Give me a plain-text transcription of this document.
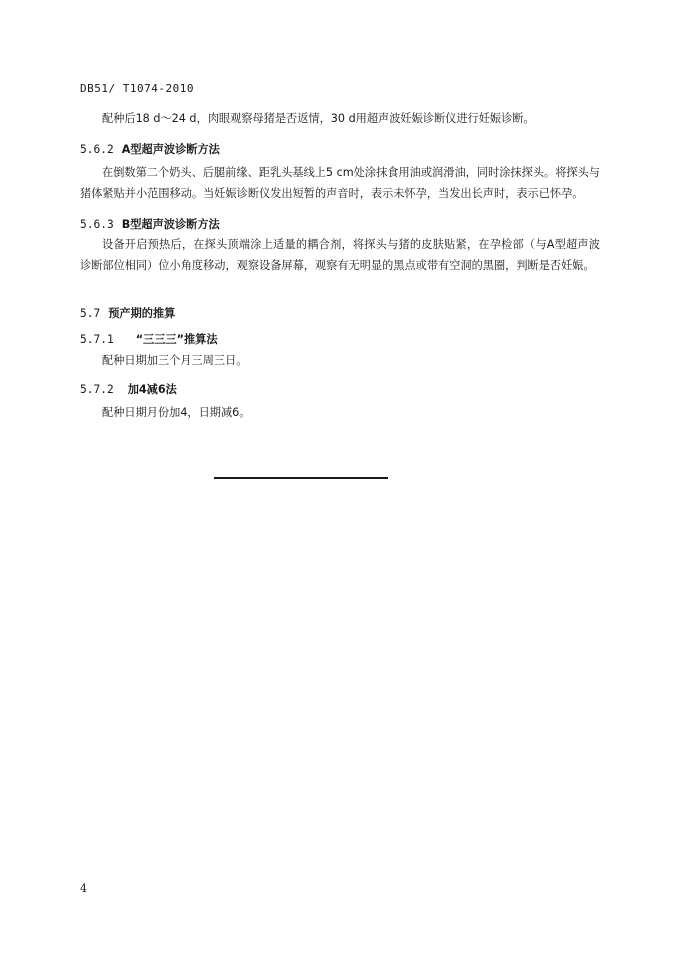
DB51/ T1074-2010

配种后18 d～24 d，肉眼观察母猪是否返情，30 d用超声波妊娠诊断仪进行妊娠诊断。

5.6.2 A型超声波诊断方法

在倒数第二个奶头、后腿前缘、距乳头基线上5 cm处涂抹食用油或润滑油，同时涂抹探头。将探头与猪体紧贴并小范围移动。当妊娠诊断仪发出短暂的声音时，表示未怀孕，当发出长声时，表示已怀孕。

5.6.3 B型超声波诊断方法

设备开启预热后，在探头顶端涂上适量的耦合剂，将探头与猪的皮肤贴紧，在孕检部（与A型超声波诊断部位相同）位小角度移动，观察设备屏幕，观察有无明显的黑点或带有空洞的黑圈，判断是否妊娠。

5.7 预产期的推算
5.7.1 “三三三”推算法

配种日期加三个月三周三日。

5.7.2 加4减6法

配种日期月份加4，日期减6。

4
